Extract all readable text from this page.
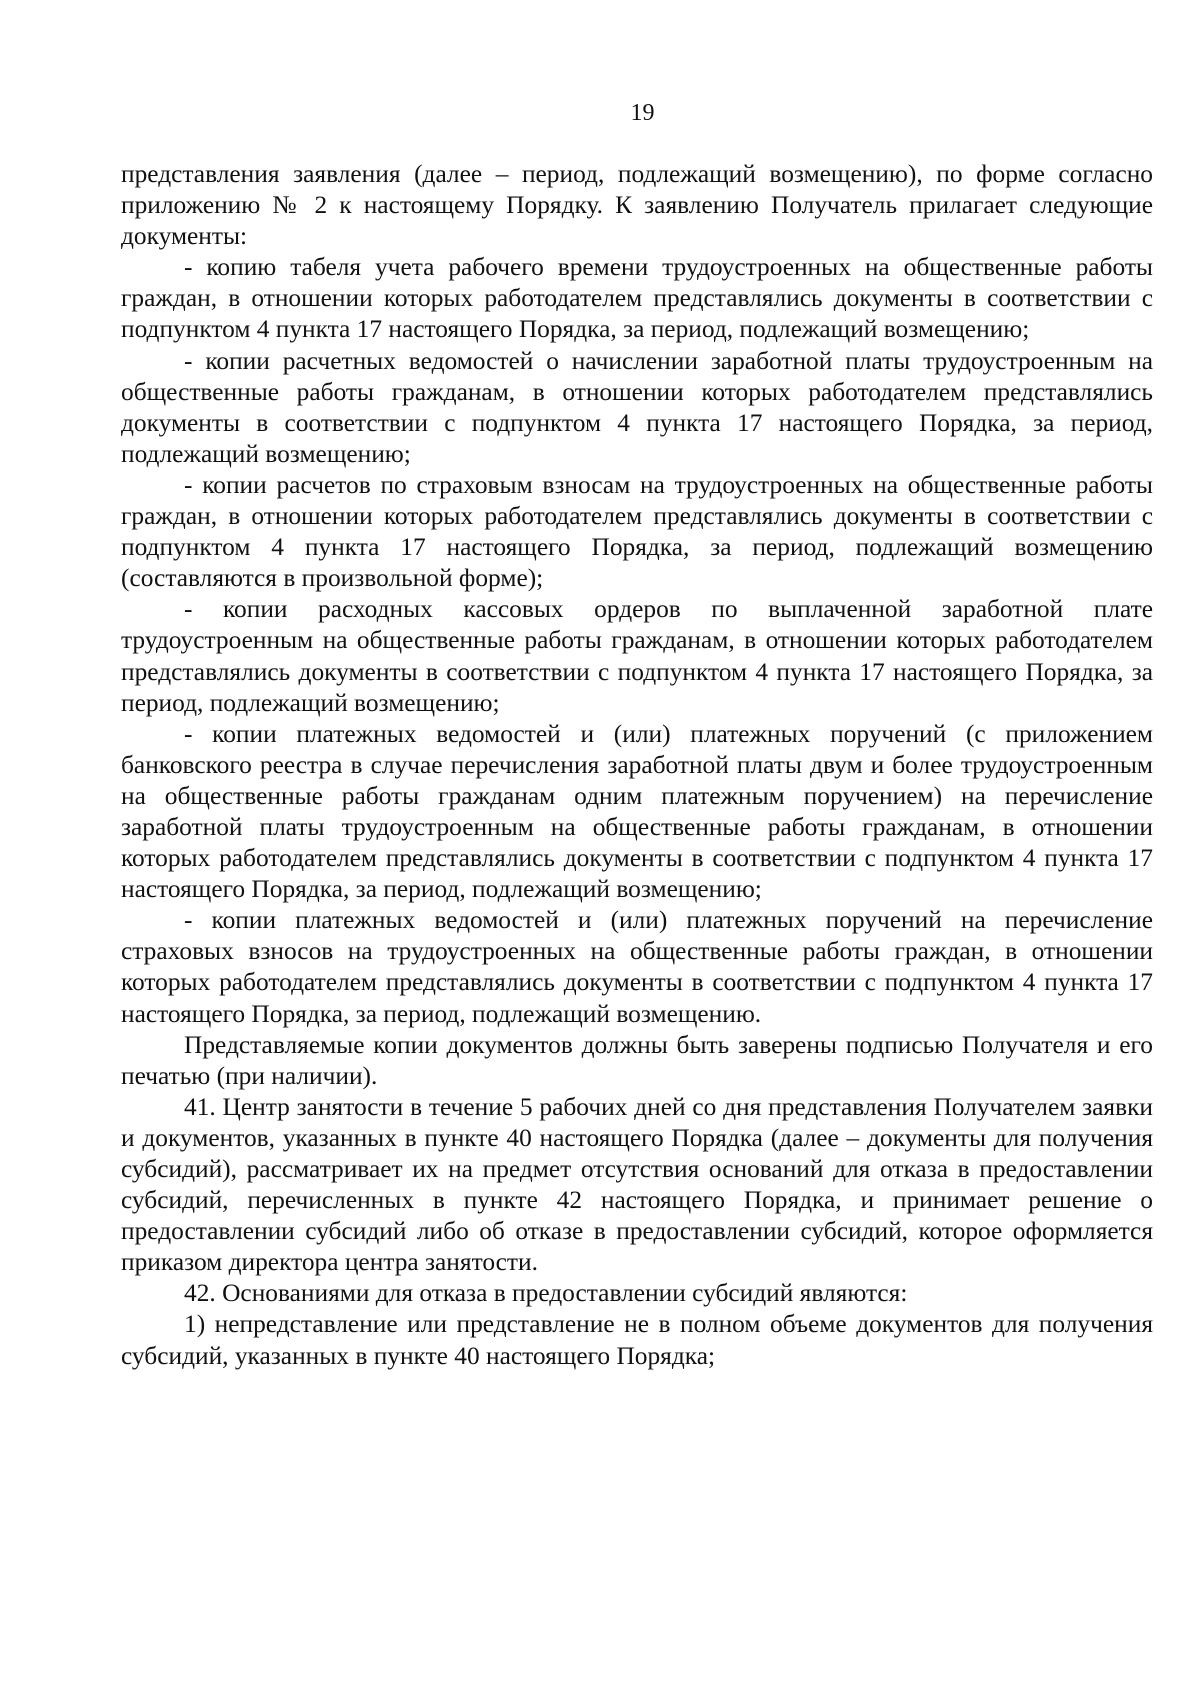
19

представления заявления (далее – период, подлежащий возмещению), по форме согласно приложению № 2 к настоящему Порядку. К заявлению Получатель прилагает следующие документы:

- копию табеля учета рабочего времени трудоустроенных на общественные работы граждан, в отношении которых работодателем представлялись документы в соответствии с подпунктом 4 пункта 17 настоящего Порядка, за период, подлежащий возмещению;

- копии расчетных ведомостей о начислении заработной платы трудоустроенным на общественные работы гражданам, в отношении которых работодателем представлялись документы в соответствии с подпунктом 4 пункта 17 настоящего Порядка, за период, подлежащий возмещению;

- копии расчетов по страховым взносам на трудоустроенных на общественные работы граждан, в отношении которых работодателем представлялись документы в соответствии с подпунктом 4 пункта 17 настоящего Порядка, за период, подлежащий возмещению (составляются в произвольной форме);

- копии расходных кассовых ордеров по выплаченной заработной плате трудоустроенным на общественные работы гражданам, в отношении которых работодателем представлялись документы в соответствии с подпунктом 4 пункта 17 настоящего Порядка, за период, подлежащий возмещению;

- копии платежных ведомостей и (или) платежных поручений (с приложением банковского реестра в случае перечисления заработной платы двум и более трудоустроенным на общественные работы гражданам одним платежным поручением) на перечисление заработной платы трудоустроенным на общественные работы гражданам, в отношении которых работодателем представлялись документы в соответствии с подпунктом 4 пункта 17 настоящего Порядка, за период, подлежащий возмещению;

- копии платежных ведомостей и (или) платежных поручений на перечисление страховых взносов на трудоустроенных на общественные работы граждан, в отношении которых работодателем представлялись документы в соответствии с подпунктом 4 пункта 17 настоящего Порядка, за период, подлежащий возмещению.

Представляемые копии документов должны быть заверены подписью Получателя и его печатью (при наличии).

41. Центр занятости в течение 5 рабочих дней со дня представления Получателем заявки и документов, указанных в пункте 40 настоящего Порядка (далее – документы для получения субсидий), рассматривает их на предмет отсутствия оснований для отказа в предоставлении субсидий, перечисленных в пункте 42 настоящего Порядка, и принимает решение о предоставлении субсидий либо об отказе в предоставлении субсидий, которое оформляется приказом директора центра занятости.

42. Основаниями для отказа в предоставлении субсидий являются:

1) непредставление или представление не в полном объеме документов для получения субсидий, указанных в пункте 40 настоящего Порядка;
